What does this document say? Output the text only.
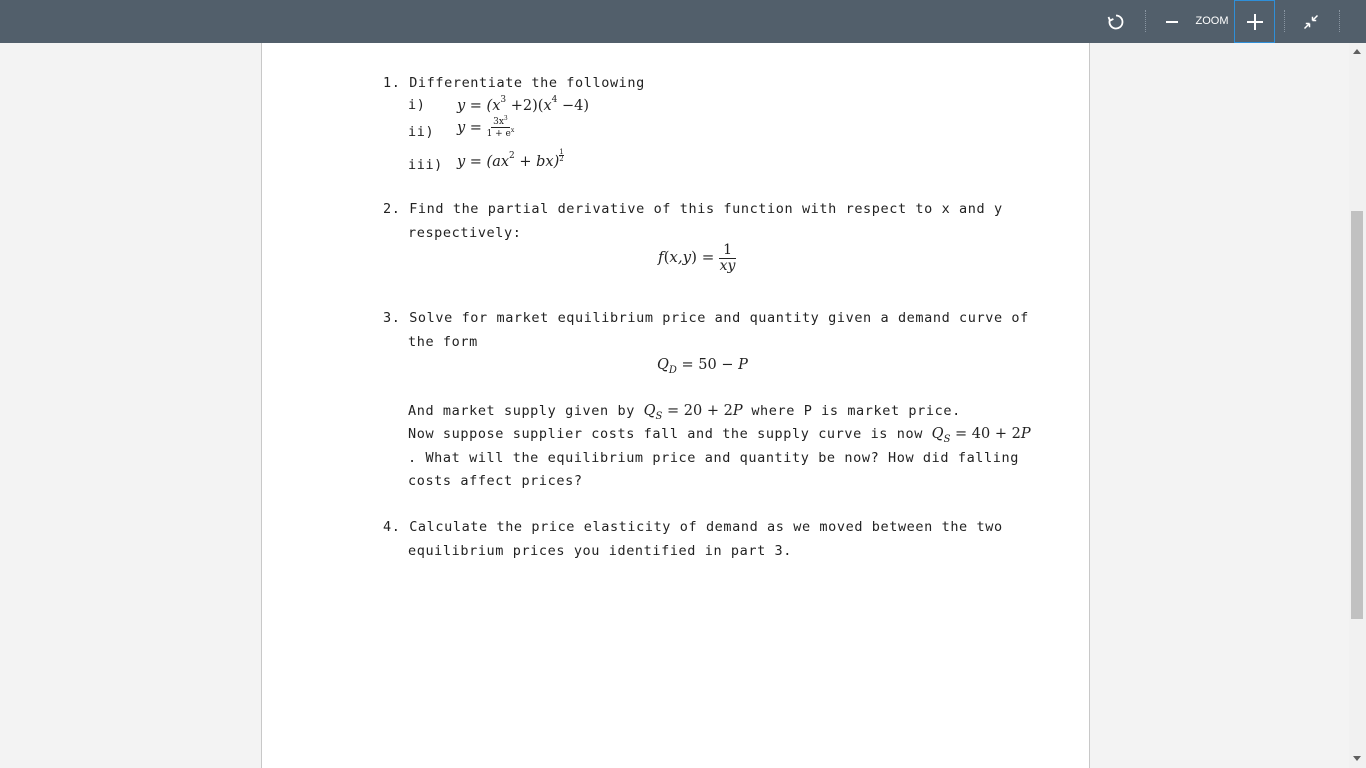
ZOOM
1. Differentiate the following
i) $y = (x^3 +2)(x^4 -4)$
ii) $y = \frac{3x^3}{1 + e^x}$
iii) $y = (ax^2 + bx)$ $^{\frac{1}{2}}$
2. Find the partial derivative of this function with respect to x and y
respectively:
$f(x,y) = \frac{1}{xy}$
3. Solve for market equilibrium price and quantity given a demand curve of
the form
$Q_D = 50 - P$
And market supply given by $Q_S = 20 + 2P$ where P is market price.
Now suppose supplier costs fall and the supply curve is now $Q_S = 40 + 2P$
. What will the equilibrium price and quantity be now? How did falling
costs affect prices?
4. Calculate the price elasticity of demand as we moved between the two
equilibrium prices you identified in part 3.
